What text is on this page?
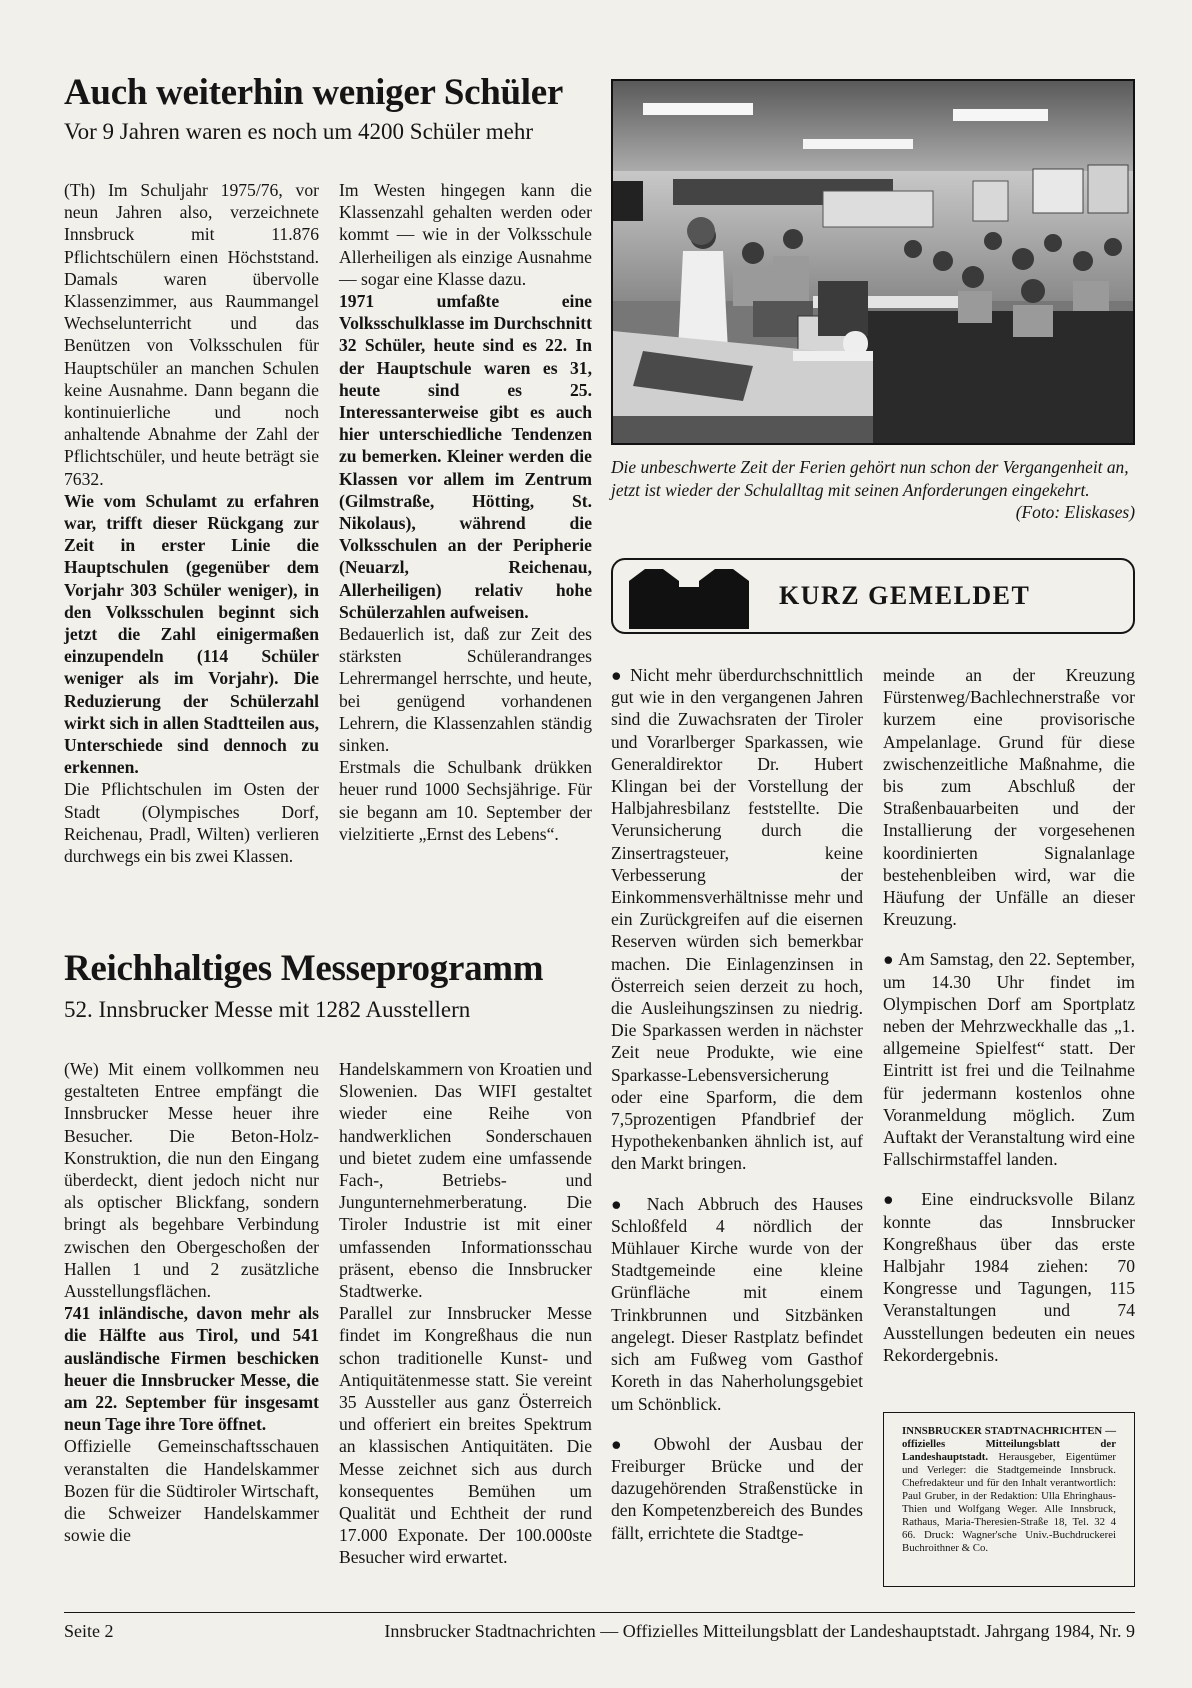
Auch weiterhin weniger Schüler
Vor 9 Jahren waren es noch um 4200 Schüler mehr

(Th) Im Schuljahr 1975/76, vor neun Jahren also, verzeichnete Innsbruck mit 11.876 Pflichtschülern einen Höchststand. Damals waren übervolle Klassenzimmer, aus Raummangel Wechselunterricht und das Benützen von Volksschulen für Hauptschüler an manchen Schulen keine Ausnahme. Dann begann die kontinuierliche und noch anhaltende Abnahme der Zahl der Pflichtschüler, und heute beträgt sie 7632.

Wie vom Schulamt zu erfahren war, trifft dieser Rückgang zur Zeit in erster Linie die Hauptschulen (gegenüber dem Vorjahr 303 Schüler weniger), in den Volksschulen beginnt sich jetzt die Zahl einigermaßen einzupendeln (114 Schüler weniger als im Vorjahr). Die Reduzierung der Schülerzahl wirkt sich in allen Stadtteilen aus, Unterschiede sind dennoch zu erkennen.

Die Pflichtschulen im Osten der Stadt (Olympisches Dorf, Reichenau, Pradl, Wilten) verlieren durchwegs ein bis zwei Klassen.

Im Westen hingegen kann die Klassenzahl gehalten werden oder kommt — wie in der Volksschule Allerheiligen als einzige Ausnahme — sogar eine Klasse dazu.

1971 umfaßte eine Volksschulklasse im Durchschnitt 32 Schüler, heute sind es 22. In der Hauptschule waren es 31, heute sind es 25. Interessanterweise gibt es auch hier unterschiedliche Tendenzen zu bemerken. Kleiner werden die Klassen vor allem im Zentrum (Gilmstraße, Hötting, St. Nikolaus), während die Volksschulen an der Peripherie (Neuarzl, Reichenau, Allerheiligen) relativ hohe Schülerzahlen aufweisen.

Bedauerlich ist, daß zur Zeit des stärksten Schülerandranges Lehrermangel herrschte, und heute, bei genügend vorhandenen Lehrern, die Klassenzahlen ständig sinken.

Erstmals die Schulbank drükken heuer rund 1000 Sechsjährige. Für sie begann am 10. September der vielzitierte „Ernst des Lebens“.

Die unbeschwerte Zeit der Ferien gehört nun schon der Vergangenheit an, jetzt ist wieder der Schulalltag mit seinen Anforderungen eingekehrt.
(Foto: Eliskases)
KURZ GEMELDET

● Nicht mehr überdurchschnittlich gut wie in den vergangenen Jahren sind die Zuwachsraten der Tiroler und Vorarlberger Sparkassen, wie Generaldirektor Dr. Hubert Klingan bei der Vorstellung der Halbjahresbilanz feststellte. Die Verunsicherung durch die Zinsertragsteuer, keine Verbesserung der Einkommensverhältnisse mehr und ein Zurückgreifen auf die eisernen Reserven würden sich bemerkbar machen. Die Einlagenzinsen in Österreich seien derzeit zu hoch, die Ausleihungszinsen zu niedrig. Die Sparkassen werden in nächster Zeit neue Produkte, wie eine Sparkasse-Lebensversicherung oder eine Sparform, die dem 7,5prozentigen Pfandbrief der Hypothekenbanken ähnlich ist, auf den Markt bringen.

● Nach Abbruch des Hauses Schloßfeld 4 nördlich der Mühlauer Kirche wurde von der Stadtgemeinde eine kleine Grünfläche mit einem Trinkbrunnen und Sitzbänken angelegt. Dieser Rastplatz befindet sich am Fußweg vom Gasthof Koreth in das Naherholungsgebiet um Schönblick.

● Obwohl der Ausbau der Freiburger Brücke und der dazugehörenden Straßenstücke in den Kompetenzbereich des Bundes fällt, errichtete die Stadtge-

meinde an der Kreuzung Fürstenweg/Bachlechnerstraße vor kurzem eine provisorische Ampelanlage. Grund für diese zwischenzeitliche Maßnahme, die bis zum Abschluß der Straßenbauarbeiten und der Installierung der vorgesehenen koordinierten Signalanlage bestehenbleiben wird, war die Häufung der Unfälle an dieser Kreuzung.

● Am Samstag, den 22. September, um 14.30 Uhr findet im Olympischen Dorf am Sportplatz neben der Mehrzweckhalle das „1. allgemeine Spielfest“ statt. Der Eintritt ist frei und die Teilnahme für jedermann kostenlos ohne Voranmeldung möglich. Zum Auftakt der Veranstaltung wird eine Fallschirmstaffel landen.

● Eine eindrucksvolle Bilanz konnte das Innsbrucker Kongreßhaus über das erste Halbjahr 1984 ziehen: 70 Kongresse und Tagungen, 115 Veranstaltungen und 74 Ausstellungen bedeuten ein neues Rekordergebnis.

INNSBRUCKER STADTNACHRICHTEN — offizielles Mitteilungsblatt der Landeshauptstadt. Herausgeber, Eigentümer und Verleger: die Stadtgemeinde Innsbruck. Chefredakteur und für den Inhalt verantwortlich: Paul Gruber, in der Redaktion: Ulla Ehringhaus-Thien und Wolfgang Weger. Alle Innsbruck, Rathaus, Maria-Theresien-Straße 18, Tel. 32 4 66. Druck: Wagner'sche Univ.-Buchdruckerei Buchroithner & Co.

Reichhaltiges Messeprogramm
52. Innsbrucker Messe mit 1282 Ausstellern

(We) Mit einem vollkommen neu gestalteten Entree empfängt die Innsbrucker Messe heuer ihre Besucher. Die Beton-Holz-Konstruktion, die nun den Eingang überdeckt, dient jedoch nicht nur als optischer Blickfang, sondern bringt als begehbare Verbindung zwischen den Obergeschoßen der Hallen 1 und 2 zusätzliche Ausstellungsflächen.

741 inländische, davon mehr als die Hälfte aus Tirol, und 541 ausländische Firmen beschicken heuer die Innsbrucker Messe, die am 22. September für insgesamt neun Tage ihre Tore öffnet.

Offizielle Gemeinschaftsschauen veranstalten die Handelskammer Bozen für die Südtiroler Wirtschaft, die Schweizer Handelskammer sowie die

Handelskammern von Kroatien und Slowenien. Das WIFI gestaltet wieder eine Reihe von handwerklichen Sonderschauen und bietet zudem eine umfassende Fach-, Betriebs- und Jungunternehmerberatung. Die Tiroler Industrie ist mit einer umfassenden Informationsschau präsent, ebenso die Innsbrucker Stadtwerke.

Parallel zur Innsbrucker Messe findet im Kongreßhaus die nun schon traditionelle Kunst- und Antiquitätenmesse statt. Sie vereint 35 Aussteller aus ganz Österreich und offeriert ein breites Spektrum an klassischen Antiquitäten. Die Messe zeichnet sich aus durch konsequentes Bemühen um Qualität und Echtheit der rund 17.000 Exponate. Der 100.000ste Besucher wird erwartet.

Seite 2	Innsbrucker Stadtnachrichten — Offizielles Mitteilungsblatt der Landeshauptstadt. Jahrgang 1984, Nr. 9
